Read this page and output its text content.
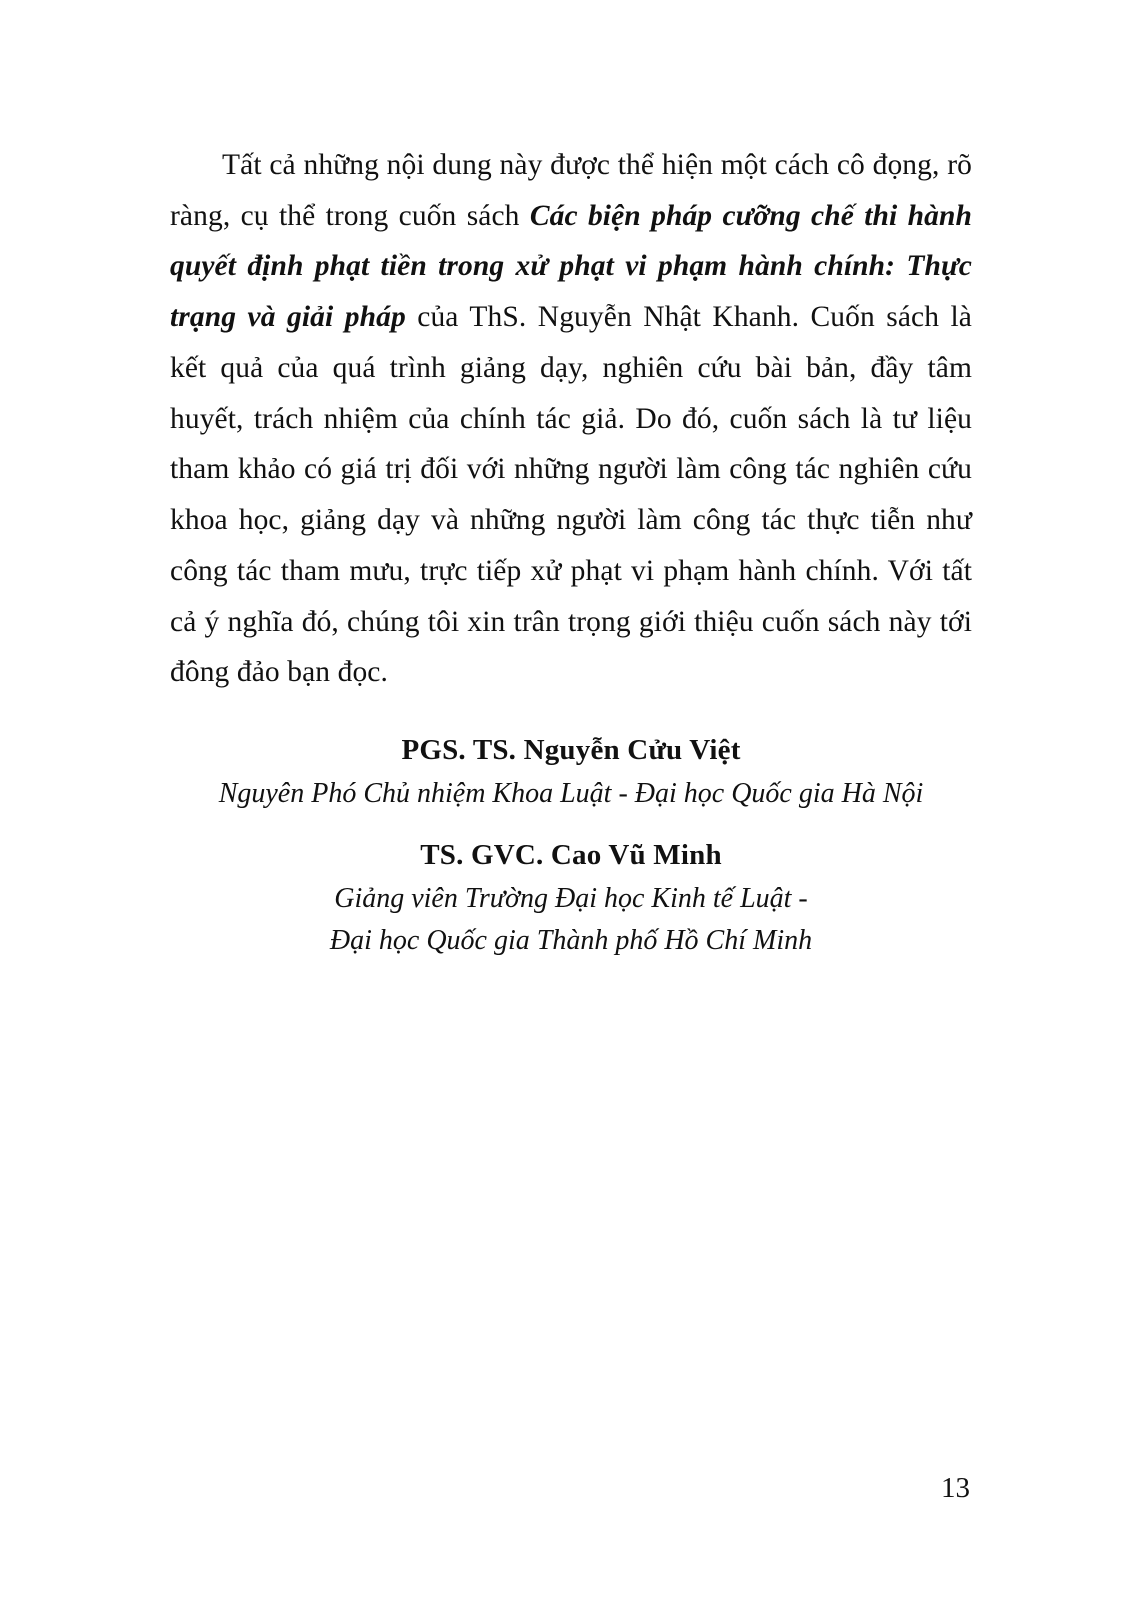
Tất cả những nội dung này được thể hiện một cách cô đọng, rõ ràng, cụ thể trong cuốn sách Các biện pháp cưỡng chế thi hành quyết định phạt tiền trong xử phạt vi phạm hành chính: Thực trạng và giải pháp của ThS. Nguyễn Nhật Khanh. Cuốn sách là kết quả của quá trình giảng dạy, nghiên cứu bài bản, đầy tâm huyết, trách nhiệm của chính tác giả. Do đó, cuốn sách là tư liệu tham khảo có giá trị đối với những người làm công tác nghiên cứu khoa học, giảng dạy và những người làm công tác thực tiễn như công tác tham mưu, trực tiếp xử phạt vi phạm hành chính. Với tất cả ý nghĩa đó, chúng tôi xin trân trọng giới thiệu cuốn sách này tới đông đảo bạn đọc.

PGS. TS. Nguyễn Cửu Việt

Nguyên Phó Chủ nhiệm Khoa Luật - Đại học Quốc gia Hà Nội

TS. GVC. Cao Vũ Minh

Giảng viên Trường Đại học Kinh tế Luật -

Đại học Quốc gia Thành phố Hồ Chí Minh

13
